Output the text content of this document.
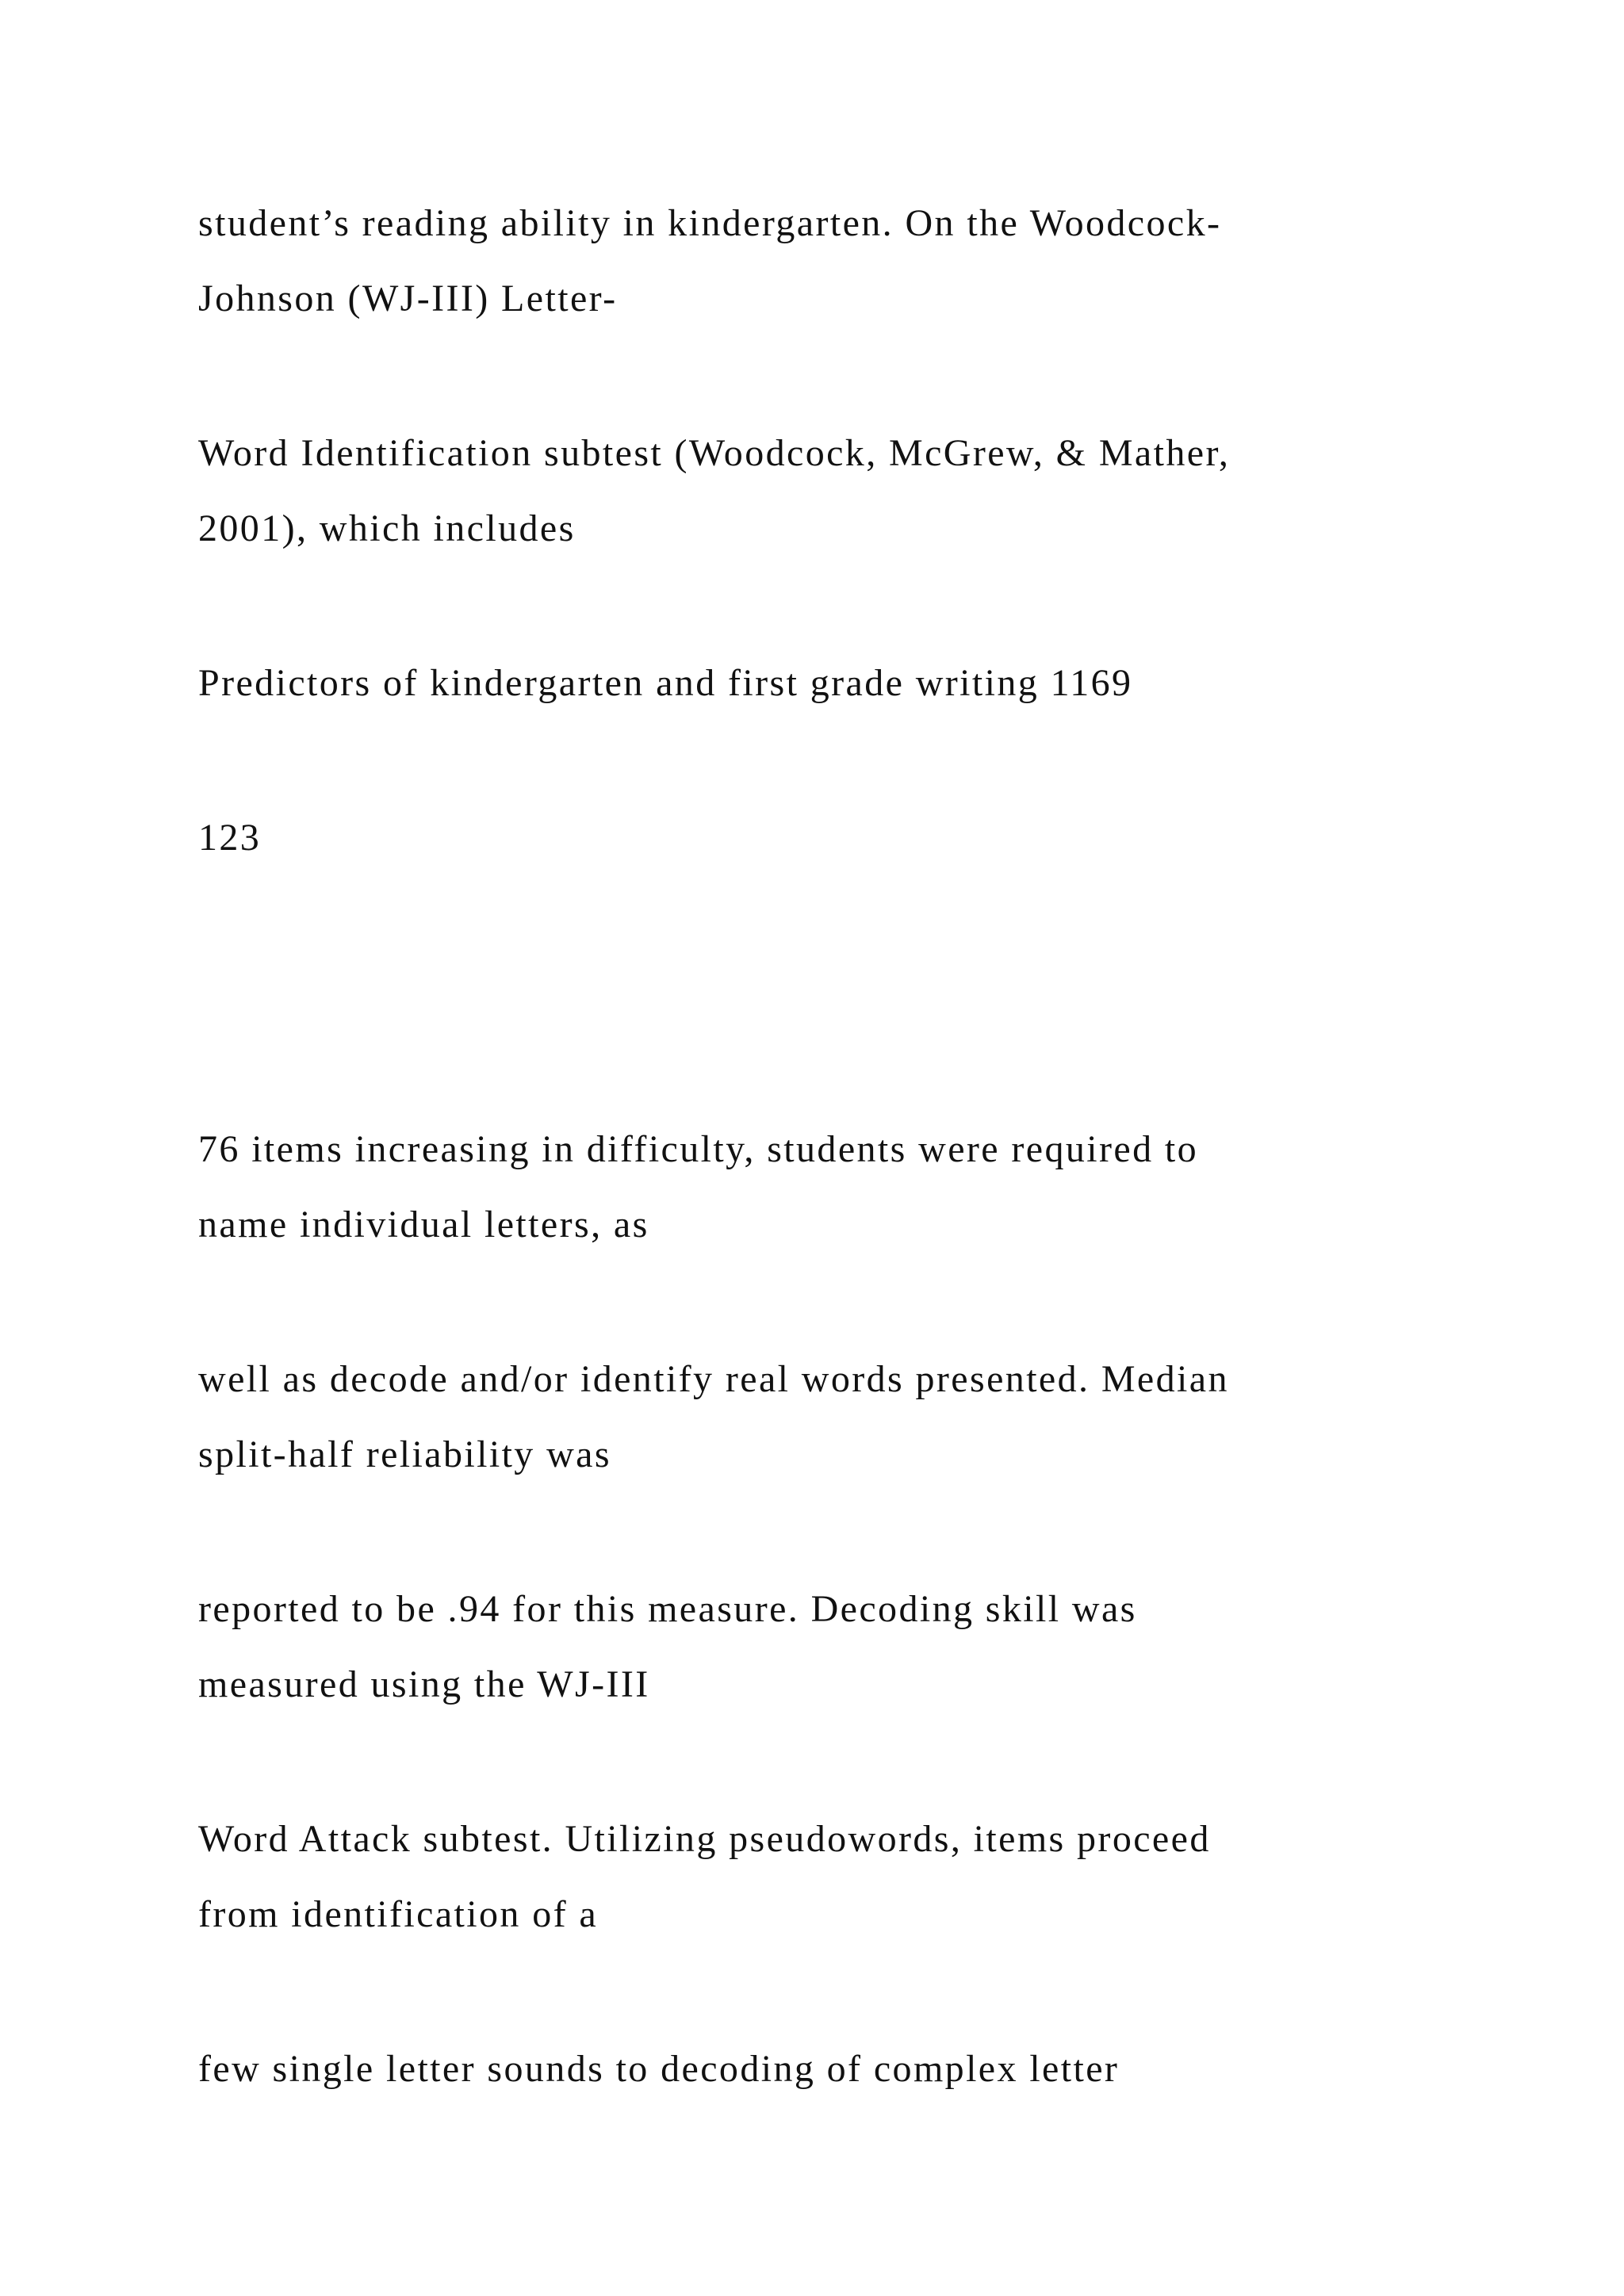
student’s reading ability in kindergarten. On the Woodcock-

Johnson (WJ-III) Letter-

Word Identification subtest (Woodcock, McGrew, & Mather,

2001), which includes

Predictors of kindergarten and first grade writing 1169

123

76 items increasing in difficulty, students were required to

name individual letters, as

well as decode and/or identify real words presented. Median

split-half reliability was

reported to be .94 for this measure. Decoding skill was

measured using the WJ-III

Word Attack subtest. Utilizing pseudowords, items proceed

from identification of a

few single letter sounds to decoding of complex letter
